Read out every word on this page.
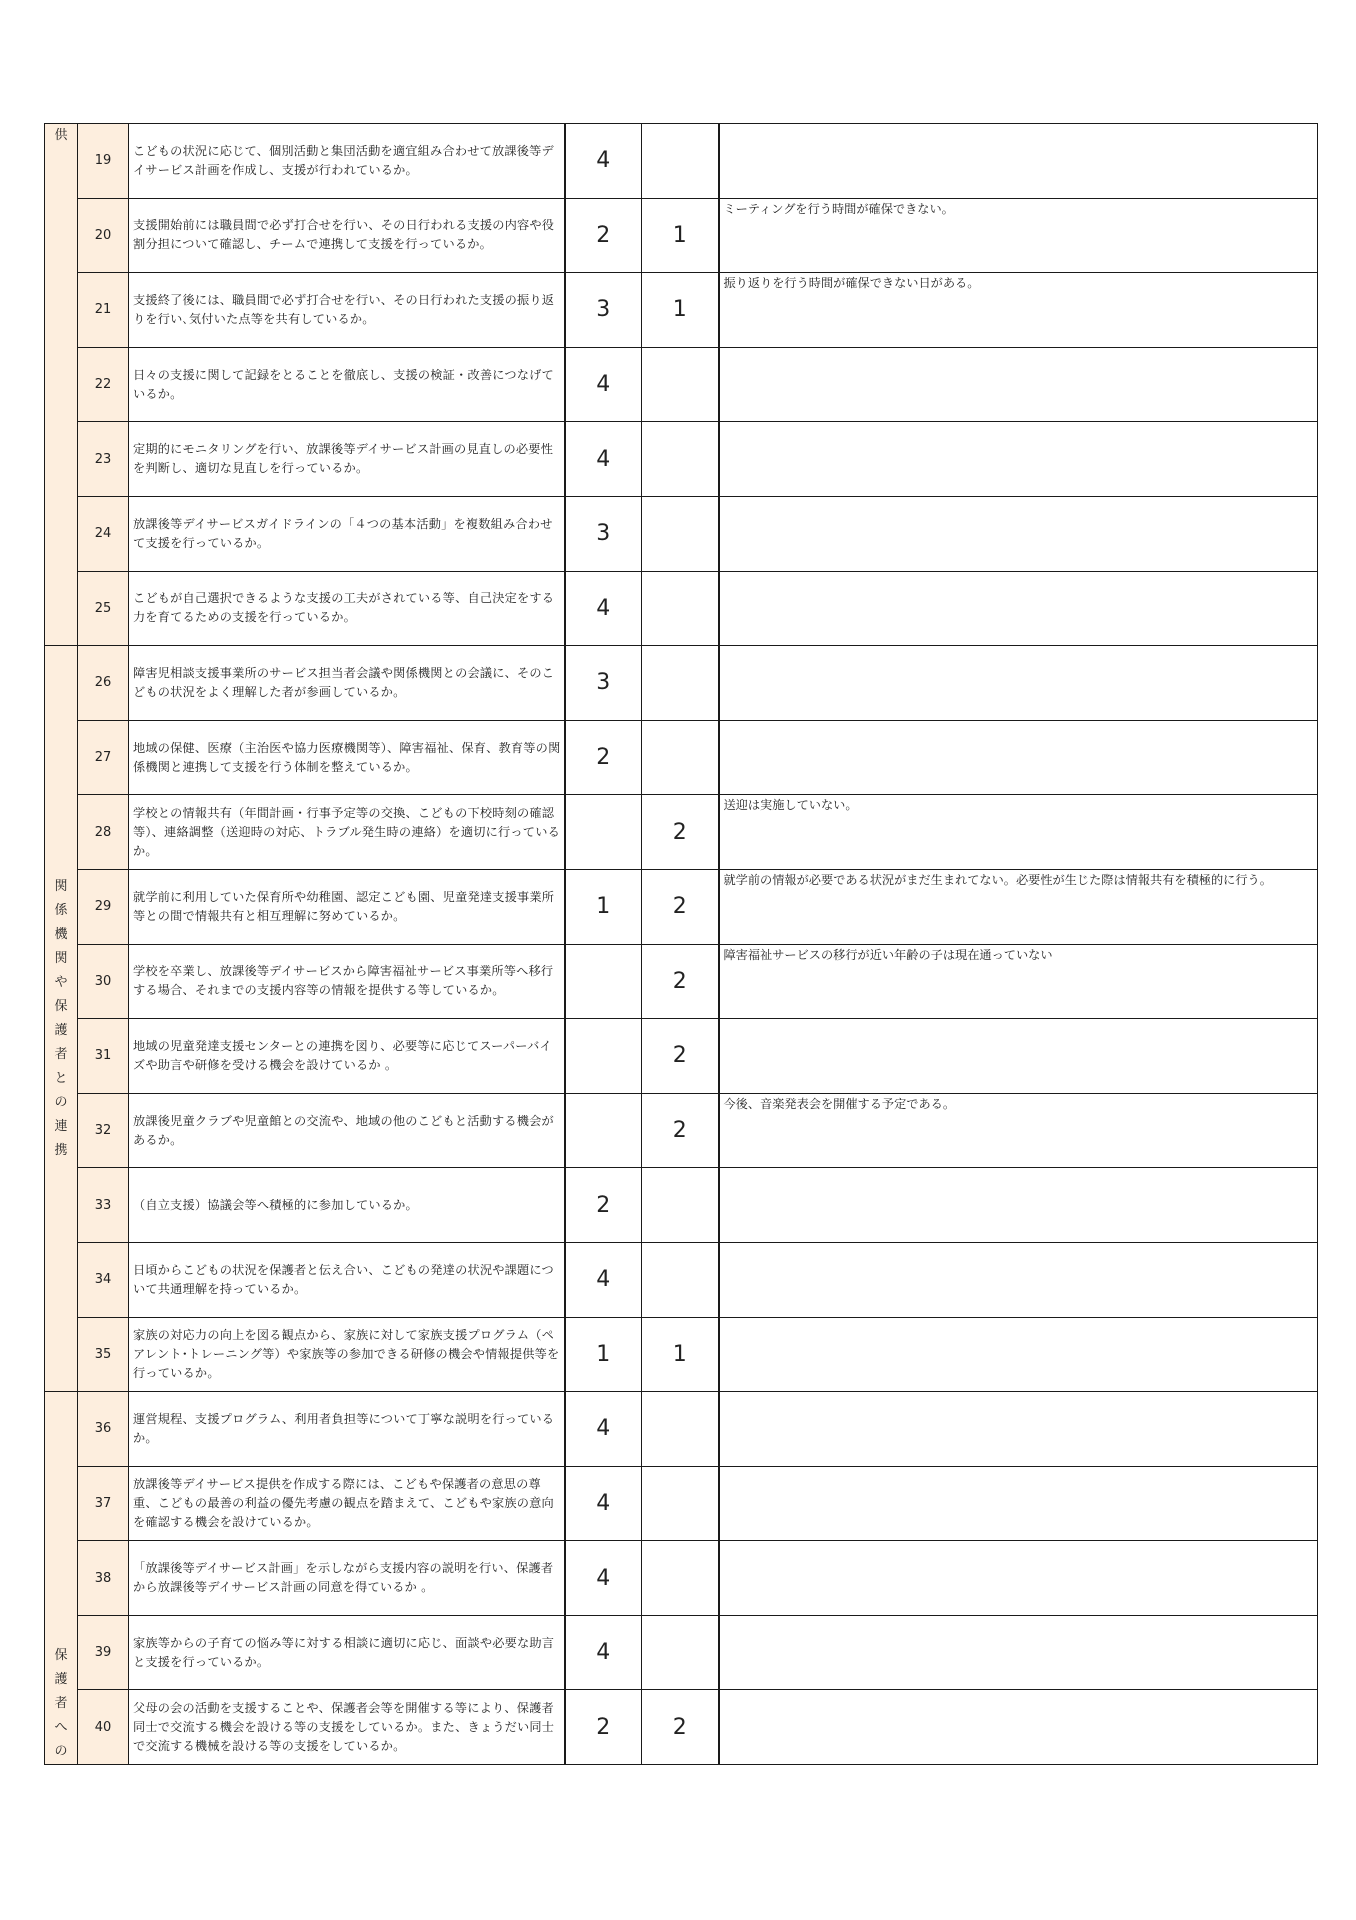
供	19	こどもの状況に応じて、個別活動と集団活動を適宜組み合わせて放課後等デイサービス計画を作成し、支援が行われているか。	4		
	20	支援開始前には職員間で必ず打合せを行い、その日行われる支援の内容や役割分担について確認し、チームで連携して支援を行っているか。	2	1	ミーティングを行う時間が確保できない。
	21	支援終了後には、職員間で必ず打合せを行い、その日行われた支援の振り返りを行い､気付いた点等を共有しているか。	3	1	振り返りを行う時間が確保できない日がある。
	22	日々の支援に関して記録をとることを徹底し、支援の検証・改善につなげているか。	4		
	23	定期的にモニタリングを行い、放課後等デイサービス計画の見直しの必要性を判断し、適切な見直しを行っているか。	4		
	24	放課後等デイサービスガイドラインの「４つの基本活動」を複数組み合わせて支援を行っているか。	3		
	25	こどもが自己選択できるような支援の工夫がされている等、自己決定をする力を育てるための支援を行っているか。	4		
関係機関や保護者との連携	26	障害児相談支援事業所のサービス担当者会議や関係機関との会議に、そのこどもの状況をよく理解した者が参画しているか。	3		
	27	地域の保健、医療（主治医や協力医療機関等）、障害福祉、保育、教育等の関係機関と連携して支援を行う体制を整えているか。	2		
	28	学校との情報共有（年間計画・行事予定等の交換、こどもの下校時刻の確認等）、連絡調整（送迎時の対応、トラブル発生時の連絡）を適切に行っているか。		2	送迎は実施していない。
	29	就学前に利用していた保育所や幼稚園、認定こども園、児童発達支援事業所等との間で情報共有と相互理解に努めているか。	1	2	就学前の情報が必要である状況がまだ生まれてない。必要性が生じた際は情報共有を積極的に行う。
	30	学校を卒業し、放課後等デイサービスから障害福祉サービス事業所等へ移行する場合、それまでの支援内容等の情報を提供する等しているか。		2	障害福祉サービスの移行が近い年齢の子は現在通っていない
	31	地域の児童発達支援センターとの連携を図り、必要等に応じてスーパーバイズや助言や研修を受ける機会を設けているか 。		2	
	32	放課後児童クラブや児童館との交流や、地域の他のこどもと活動する機会があるか。		2	今後、音楽発表会を開催する予定である。
	33	（自立支援）協議会等へ積極的に参加しているか。	2		
	34	日頃からこどもの状況を保護者と伝え合い、こどもの発達の状況や課題について共通理解を持っているか。	4		
	35	家族の対応力の向上を図る観点から、家族に対して家族支援プログラム（ペアレント･トレーニング等）や家族等の参加できる研修の機会や情報提供等を行っているか。	1	1	
保護者への	36	運営規程、支援プログラム、利用者負担等について丁寧な説明を行っているか。	4		
	37	放課後等デイサービス提供を作成する際には、こどもや保護者の意思の尊重、こどもの最善の利益の優先考慮の観点を踏まえて、こどもや家族の意向を確認する機会を設けているか。	4		
	38	「放課後等デイサービス計画」を示しながら支援内容の説明を行い、保護者から放課後等デイサービス計画の同意を得ているか 。	4		
	39	家族等からの子育ての悩み等に対する相談に適切に応じ、面談や必要な助言と支援を行っているか。	4		
	40	父母の会の活動を支援することや、保護者会等を開催する等により、保護者同士で交流する機会を設ける等の支援をしているか。また、きょうだい同士で交流する機械を設ける等の支援をしているか。	2	2	
